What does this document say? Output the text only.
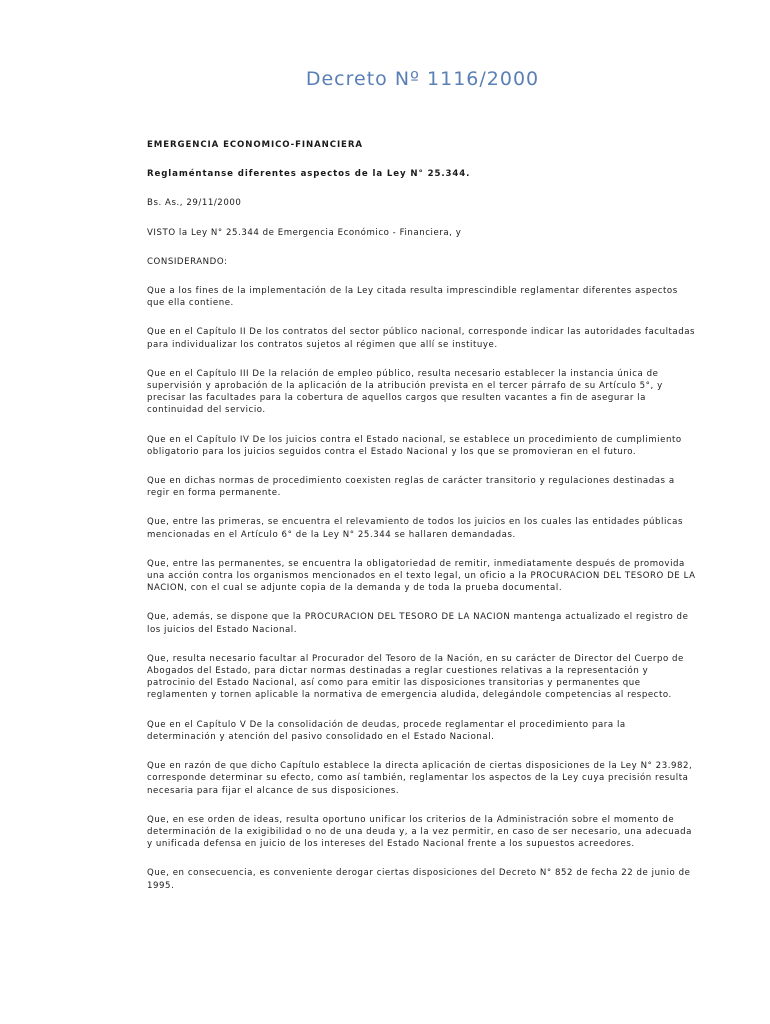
Decreto Nº 1116/2000

EMERGENCIA ECONOMICO-FINANCIERA

Reglaméntanse diferentes aspectos de la Ley N° 25.344.

Bs. As., 29/11/2000

VISTO la Ley N° 25.344 de Emergencia Económico - Financiera, y

CONSIDERANDO:

Que a los fines de la implementación de la Ley citada resulta imprescindible reglamentar diferentes aspectos que ella contiene.

Que en el Capítulo II De los contratos del sector público nacional, corresponde indicar las autoridades facultadas para individualizar los contratos sujetos al régimen que allí se instituye.

Que en el Capítulo III De la relación de empleo público, resulta necesario establecer la instancia única de supervisión y aprobación de la aplicación de la atribución prevista en el tercer párrafo de su Artículo 5°, y precisar las facultades para la cobertura de aquellos cargos que resulten vacantes a fin de asegurar la continuidad del servicio.

Que en el Capítulo IV De los juicios contra el Estado nacional, se establece un procedimiento de cumplimiento obligatorio para los juicios seguidos contra el Estado Nacional y los que se promovieran en el futuro.

Que en dichas normas de procedimiento coexisten reglas de carácter transitorio y regulaciones destinadas a regir en forma permanente.

Que, entre las primeras, se encuentra el relevamiento de todos los juicios en los cuales las entidades públicas mencionadas en el Artículo 6° de la Ley N° 25.344 se hallaren demandadas.

Que, entre las permanentes, se encuentra la obligatoriedad de remitir, inmediatamente después de promovida una acción contra los organismos mencionados en el texto legal, un oficio a la PROCURACION DEL TESORO DE LA NACION, con el cual se adjunte copia de la demanda y de toda la prueba documental.

Que, además, se dispone que la PROCURACION DEL TESORO DE LA NACION mantenga actualizado el registro de los juicios del Estado Nacional.

Que, resulta necesario facultar al Procurador del Tesoro de la Nación, en su carácter de Director del Cuerpo de Abogados del Estado, para dictar normas destinadas a reglar cuestiones relativas a la representación y patrocinio del Estado Nacional, así como para emitir las disposiciones transitorias y permanentes que reglamenten y tornen aplicable la normativa de emergencia aludida, delegándole competencias al respecto.

Que en el Capítulo V De la consolidación de deudas, procede reglamentar el procedimiento para la determinación y atención del pasivo consolidado en el Estado Nacional.

Que en razón de que dicho Capítulo establece la directa aplicación de ciertas disposiciones de la Ley N° 23.982, corresponde determinar su efecto, como así también, reglamentar los aspectos de la Ley cuya precisión resulta necesaria para fijar el alcance de sus disposiciones.

Que, en ese orden de ideas, resulta oportuno unificar los criterios de la Administración sobre el momento de determinación de la exigibilidad o no de una deuda y, a la vez permitir, en caso de ser necesario, una adecuada y unificada defensa en juicio de los intereses del Estado Nacional frente a los supuestos acreedores.

Que, en consecuencia, es conveniente derogar ciertas disposiciones del Decreto N° 852 de fecha 22 de junio de 1995.
